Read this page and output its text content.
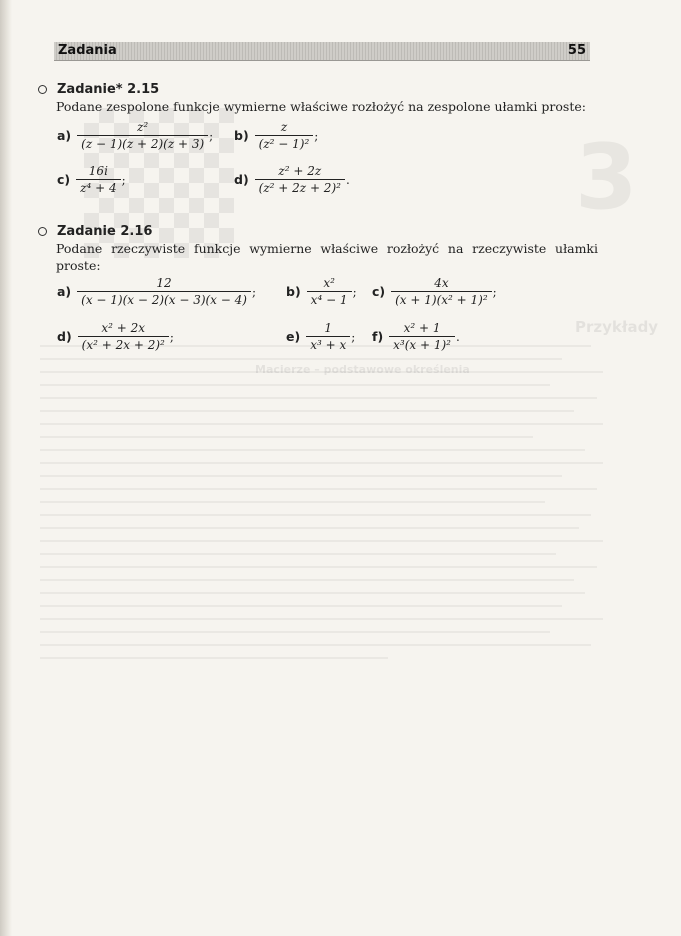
3
Przykłady
Macierze – podstawowe określenia
Zadania	55
Zadanie* 2.15
Podane zespolone funkcje wymierne właściwe rozłożyć na zespolone ułamki proste:
$a) \frac{\text{z²}}{(z - 1)(z + 2)(z + 3)}$ ; $b) \frac{z}{\text{(z² − 1)²}}$ ;
$c) \frac{16i}{\text{z⁴ + 4}}$ ;	$d) \frac{\text{z² + 2z}}{\text{(z² + 2z + 2)²}}$ .
Zadanie 2.16
Podane rzeczywiste funkcje wymierne właściwe rozłożyć na rzeczywiste ułamki proste:
$a) \frac{12}{(x - 1)(x - 2)(x - 3)(x - 4)}$ ; $b) \frac{\text{x²}}{\text{x⁴ − 1}}$ ; $c) \frac{4x}{\text{(x + 1)(x² + 1)²}}$ ;
$d) \frac{\text{x² + 2x}}{\text{(x² + 2x + 2)²}}$ ;	$e) \frac{1}{\text{x³ + x}}$ ; $f) \frac{\text{x² + 1}}{\text{x³(x + 1)²}}$ .
